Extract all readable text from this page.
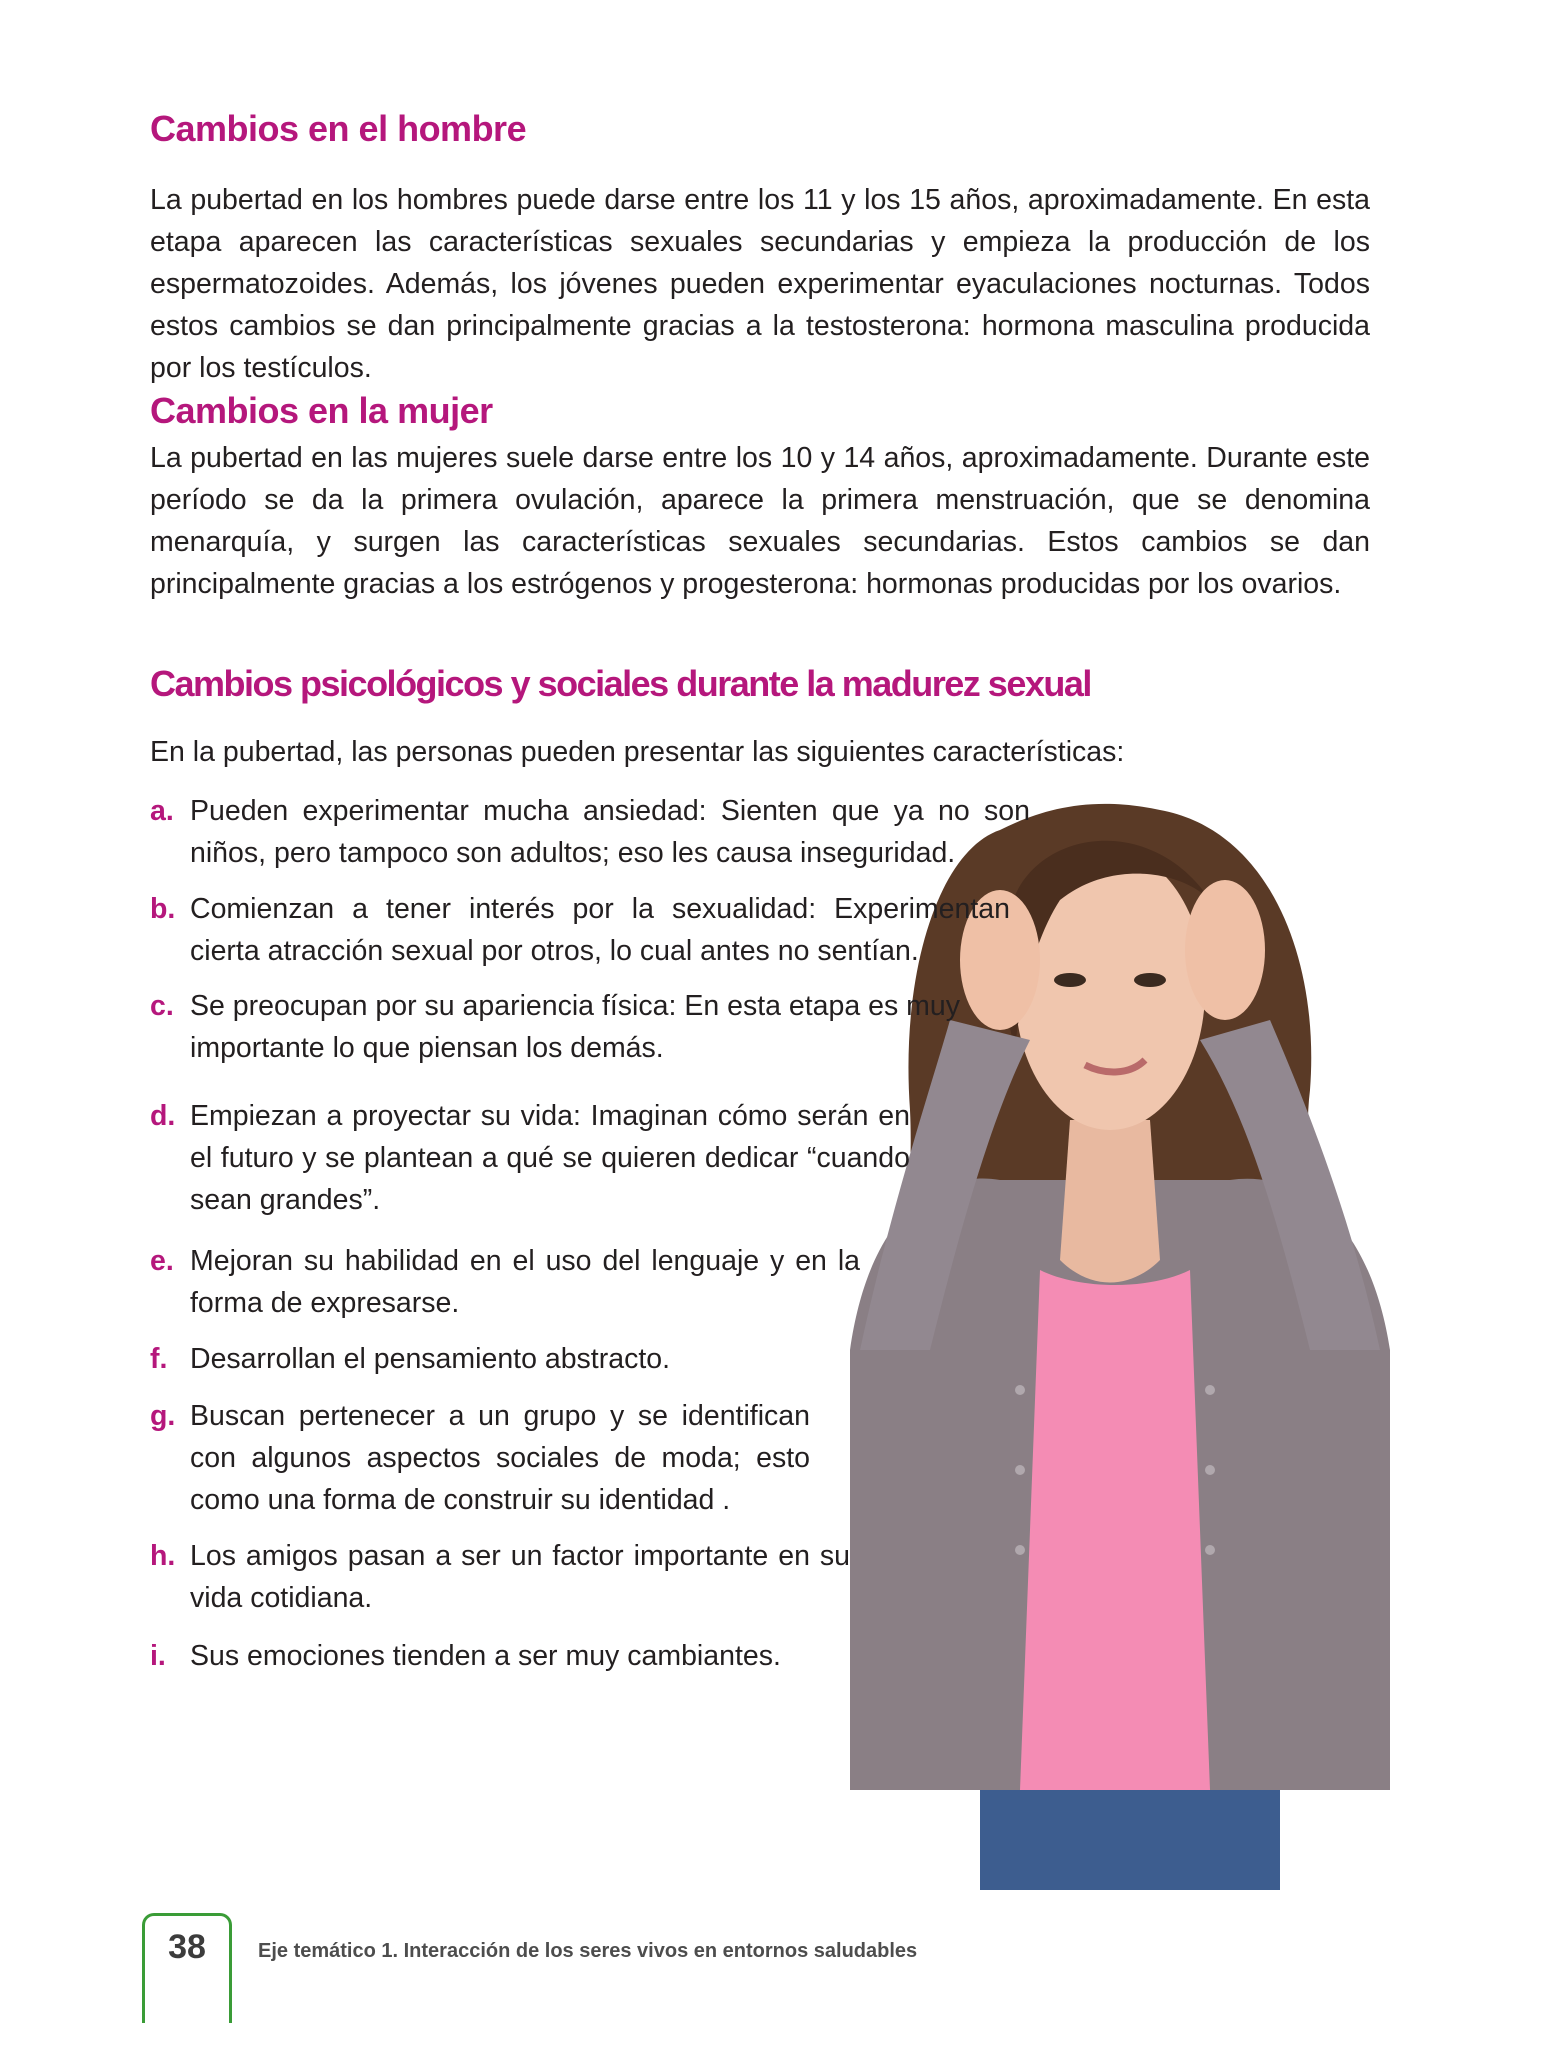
Cambios en el hombre

La pubertad en los hombres puede darse entre los 11 y los 15 años, aproximadamente. En esta etapa aparecen las características sexuales secundarias y empieza la producción de los espermatozoides. Además, los jóvenes pueden experimentar eyaculaciones nocturnas. Todos estos cambios se dan principalmente gracias a la testosterona: hormona masculina producida por los testículos.

Cambios en la mujer

La pubertad en las mujeres suele darse entre los 10 y 14 años, aproximadamente. Durante este período se da la primera ovulación, aparece la primera menstruación, que se denomina menarquía, y surgen las características sexuales secundarias. Estos cambios se dan principalmente gracias a los estrógenos y progesterona: hormonas producidas por los ovarios.

Cambios psicológicos y sociales durante la madurez sexual

En la pubertad, las personas pueden presentar las siguientes características:

a. Pueden experimentar mucha ansiedad: Sienten que ya no son niños, pero tampoco son adultos; eso les causa inseguridad.
b. Comienzan a tener interés por la sexualidad: Experimentan cierta atracción sexual por otros, lo cual antes no sentían.
c. Se preocupan por su apariencia física: En esta etapa es muy importante lo que piensan los demás.
d. Empiezan a proyectar su vida: Imaginan cómo serán en el futuro y se plantean a qué se quieren dedicar “cuando sean grandes”.
e. Mejoran su habilidad en el uso del lenguaje y en la forma de expresarse.
f. Desarrollan el pensamiento abstracto.
g. Buscan pertenecer a un grupo y se identifican con algunos aspectos sociales de moda; esto como una forma de construir su identidad .
h. Los amigos pasan a ser un factor importante en su vida cotidiana.
i. Sus emociones tienden a ser muy cambiantes.
38	Eje temático 1. Interacción de los seres vivos en entornos saludables
